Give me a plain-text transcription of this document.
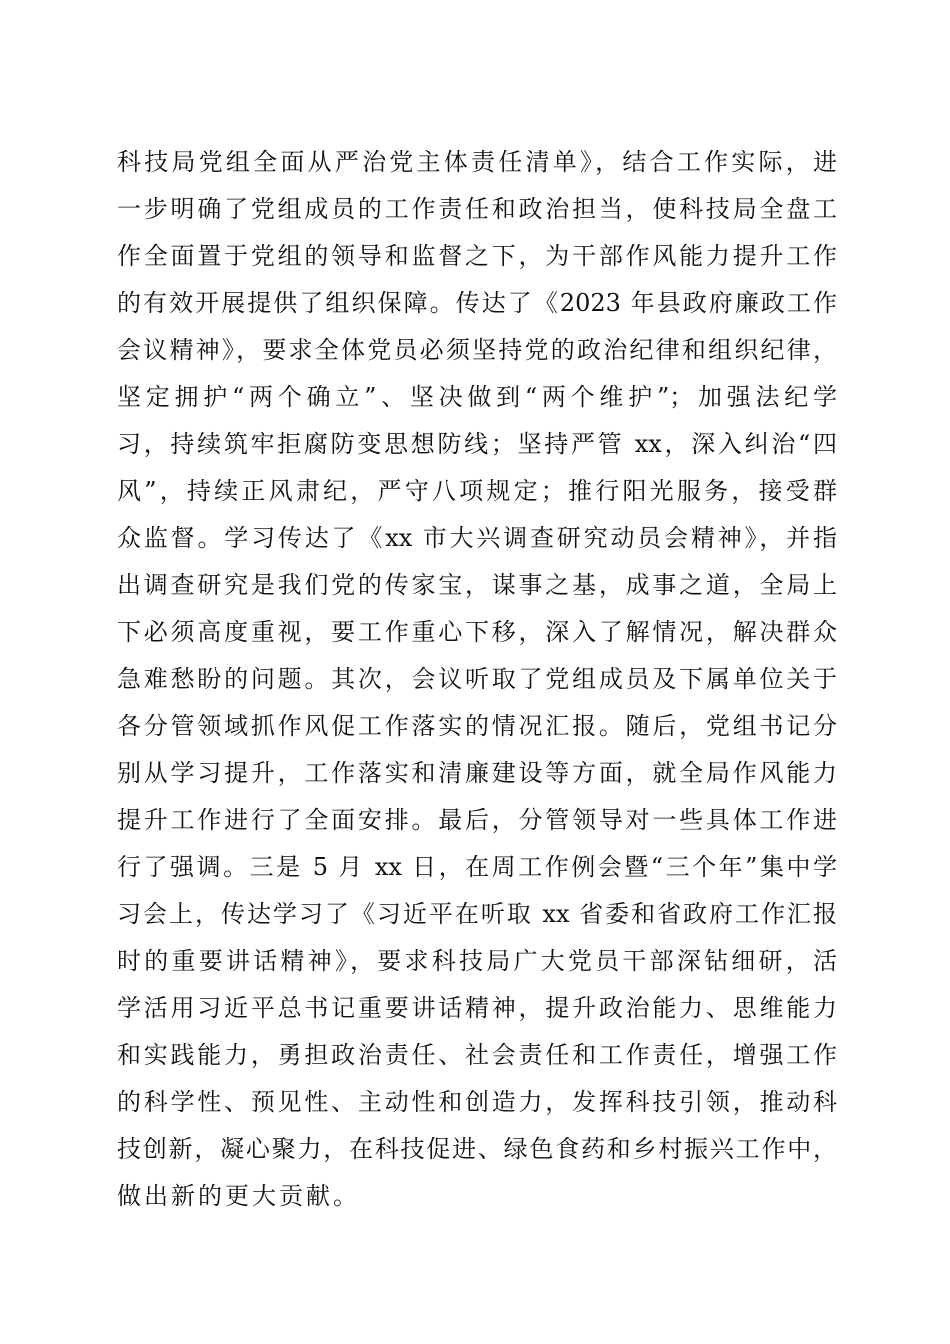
科技局党组全面从严治党主体责任清单》，结合工作实际，进
一步明确了党组成员的工作责任和政治担当，使科技局全盘工
作全面置于党组的领导和监督之下，为干部作风能力提升工作
的有效开展提供了组织保障。传达了《2023 年县政府廉政工作
会议精神》，要求全体党员必须坚持党的政治纪律和组织纪律，
坚定拥护“两个确立”、坚决做到“两个维护”；加强法纪学
习，持续筑牢拒腐防变思想防线；坚持严管 xx，深入纠治“四
风”，持续正风肃纪，严守八项规定；推行阳光服务，接受群
众监督。学习传达了《xx 市大兴调查研究动员会精神》，并指
出调查研究是我们党的传家宝，谋事之基，成事之道，全局上
下必须高度重视，要工作重心下移，深入了解情况，解决群众
急难愁盼的问题。其次，会议听取了党组成员及下属单位关于
各分管领域抓作风促工作落实的情况汇报。随后，党组书记分
别从学习提升，工作落实和清廉建设等方面，就全局作风能力
提升工作进行了全面安排。最后，分管领导对一些具体工作进
行了强调。三是 5 月 xx 日，在周工作例会暨“三个年”集中学
习会上，传达学习了《习近平在听取 xx 省委和省政府工作汇报
时的重要讲话精神》，要求科技局广大党员干部深钻细研，活
学活用习近平总书记重要讲话精神，提升政治能力、思维能力
和实践能力，勇担政治责任、社会责任和工作责任，增强工作
的科学性、预见性、主动性和创造力，发挥科技引领，推动科
技创新，凝心聚力，在科技促进、绿色食药和乡村振兴工作中，
做出新的更大贡献。
